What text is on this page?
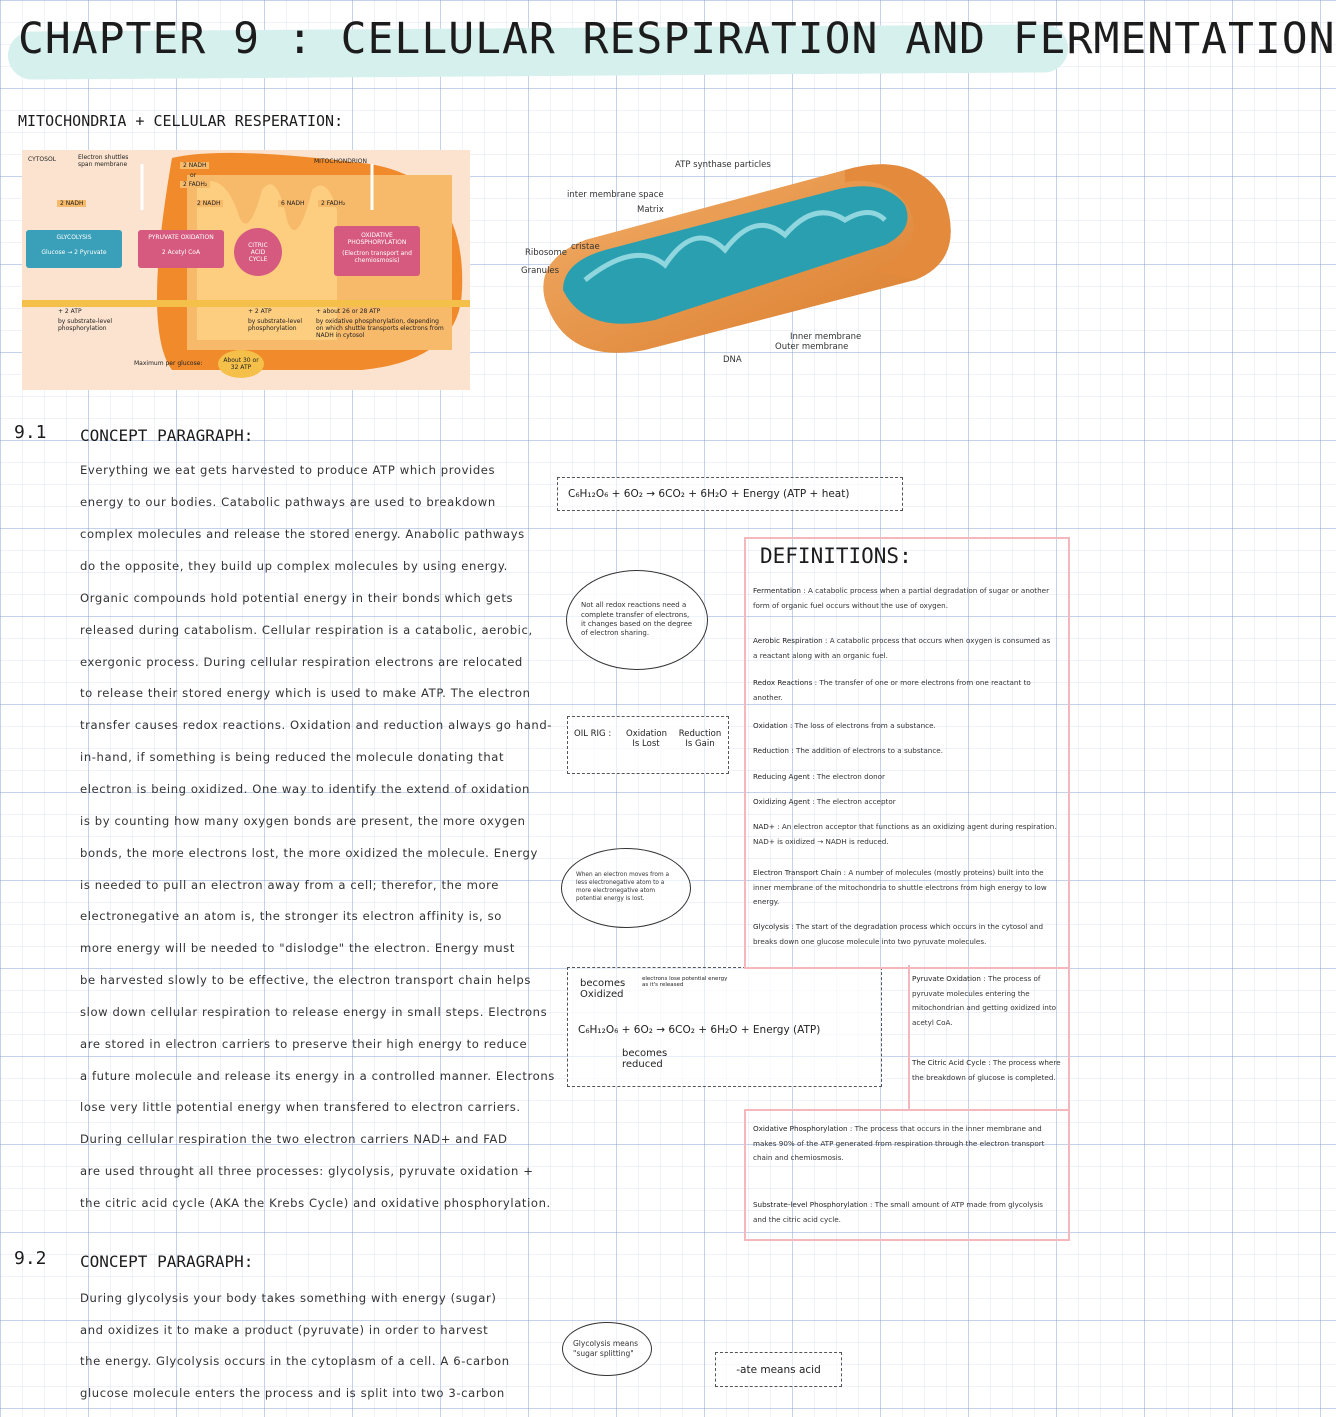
CHAPTER 9 : CELLULAR RESPIRATION AND FERMENTATION
MITOCHONDRIA + CELLULAR RESPERATION:
CYTOSOL	Electron shuttles span membrane	MITOCHONDRION
2 NADH
or
2 FADH₂
2 NADH	2 NADH	6 NADH	2 FADH₂
GLYCOLYSIS
Glucose → 2 Pyruvate
PYRUVATE OXIDATION
2 Acetyl CoA
CITRIC ACID CYCLE
OXIDATIVE PHOSPHORYLATION
(Electron transport and chemiosmosis)
+ 2 ATP
by substrate-level phosphorylation
+ 2 ATP
by substrate-level phosphorylation
+ about 26 or 28 ATP
by oxidative phosphorylation, depending on which shuttle transports electrons from NADH in cytosol
Maximum per glucose:	About 30 or 32 ATP
ATP synthase particles
inter membrane space
Matrix
cristae
Ribosome
Granules
DNA
Inner membrane
Outer membrane
9.1 CONCEPT PARAGRAPH:
Everything we eat gets harvested to produce ATP which provides
energy to our bodies. Catabolic pathways are used to breakdown
complex molecules and release the stored energy. Anabolic pathways
do the opposite, they build up complex molecules by using energy.
Organic compounds hold potential energy in their bonds which gets
released during catabolism. Cellular respiration is a catabolic, aerobic,
exergonic process. During cellular respiration electrons are relocated
to release their stored energy which is used to make ATP. The electron
transfer causes redox reactions. Oxidation and reduction always go hand-
in-hand, if something is being reduced the molecule donating that
electron is being oxidized. One way to identify the extend of oxidation
is by counting how many oxygen bonds are present, the more oxygen
bonds, the more electrons lost, the more oxidized the molecule. Energy
is needed to pull an electron away from a cell; therefor, the more
electronegative an atom is, the stronger its electron affinity is, so
more energy will be needed to "dislodge" the electron. Energy must
be harvested slowly to be effective, the electron transport chain helps
slow down cellular respiration to release energy in small steps. Electrons
are stored in electron carriers to preserve their high energy to reduce
a future molecule and release its energy in a controlled manner. Electrons
lose very little potential energy when transfered to electron carriers.
During cellular respiration the two electron carriers NAD+ and FAD
are used throught all three processes: glycolysis, pyruvate oxidation +
the citric acid cycle (AKA the Krebs Cycle) and oxidative phosphorylation.
9.2 CONCEPT PARAGRAPH:
During glycolysis your body takes something with energy (sugar)
and oxidizes it to make a product (pyruvate) in order to harvest
the energy. Glycolysis occurs in the cytoplasm of a cell. A 6-carbon
glucose molecule enters the process and is split into two 3-carbon
C₆H₁₂O₆ + 6O₂ → 6CO₂ + 6H₂O + Energy (ATP + heat)
Not all redox reactions need a complete transfer of electrons, it changes based on the degree of electron sharing.
OIL RIG : Oxidation Is Lost
Reduction Is Gain
When an electron moves from a less electronegative atom to a more electronegative atom potential energy is lost.
becomes Oxidized
electrons lose potential energy as it's released
C₆H₁₂O₆ + 6O₂ → 6CO₂ + 6H₂O + Energy (ATP)
becomes reduced
Glycolysis means "sugar splitting"
-ate means acid
DEFINITIONS:
Fermentation : A catabolic process when a partial degradation of sugar or another form of organic fuel occurs without the use of oxygen.
Aerobic Respiration : A catabolic process that occurs when oxygen is consumed as a reactant along with an organic fuel.
Redox Reactions : The transfer of one or more electrons from one reactant to another.
Oxidation : The loss of electrons from a substance.
Reduction : The addition of electrons to a substance.
Reducing Agent : The electron donor
Oxidizing Agent : The electron acceptor
NAD+ : An electron acceptor that functions as an oxidizing agent during respiration. NAD+ is oxidized → NADH is reduced.
Electron Transport Chain : A number of molecules (mostly proteins) built into the inner membrane of the mitochondria to shuttle electrons from high energy to low energy.
Glycolysis : The start of the degradation process which occurs in the cytosol and breaks down one glucose molecule into two pyruvate molecules.
Pyruvate Oxidation : The process of pyruvate molecules entering the mitochondrian and getting oxidized into acetyl CoA.
The Citric Acid Cycle : The process where the breakdown of glucose is completed.
Oxidative Phosphorylation : The process that occurs in the inner membrane and makes 90% of the ATP generated from respiration through the electron transport chain and chemiosmosis.
Substrate-level Phosphorylation : The small amount of ATP made from glycolysis and the citric acid cycle.
